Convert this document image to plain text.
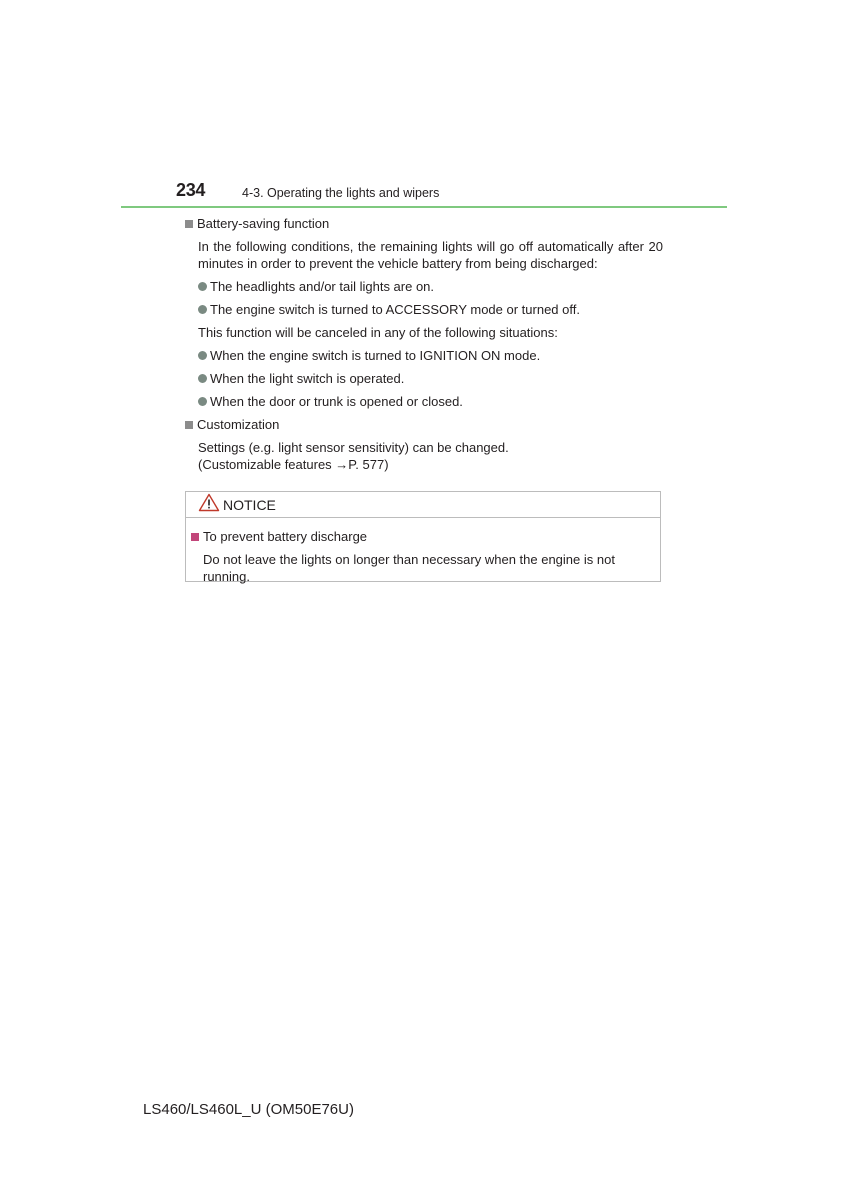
234	4-3. Operating the lights and wipers
Battery-saving function
In the following conditions, the remaining lights will go off automatically after 20 minutes in order to prevent the vehicle battery from being discharged:
The headlights and/or tail lights are on.
The engine switch is turned to ACCESSORY mode or turned off.
This function will be canceled in any of the following situations:
When the engine switch is turned to IGNITION ON mode.
When the light switch is operated.
When the door or trunk is opened or closed.
Customization
Settings (e.g. light sensor sensitivity) can be changed.
(Customizable features →P. 577)
NOTICE
To prevent battery discharge
Do not leave the lights on longer than necessary when the engine is not running.
LS460/LS460L_U (OM50E76U)
